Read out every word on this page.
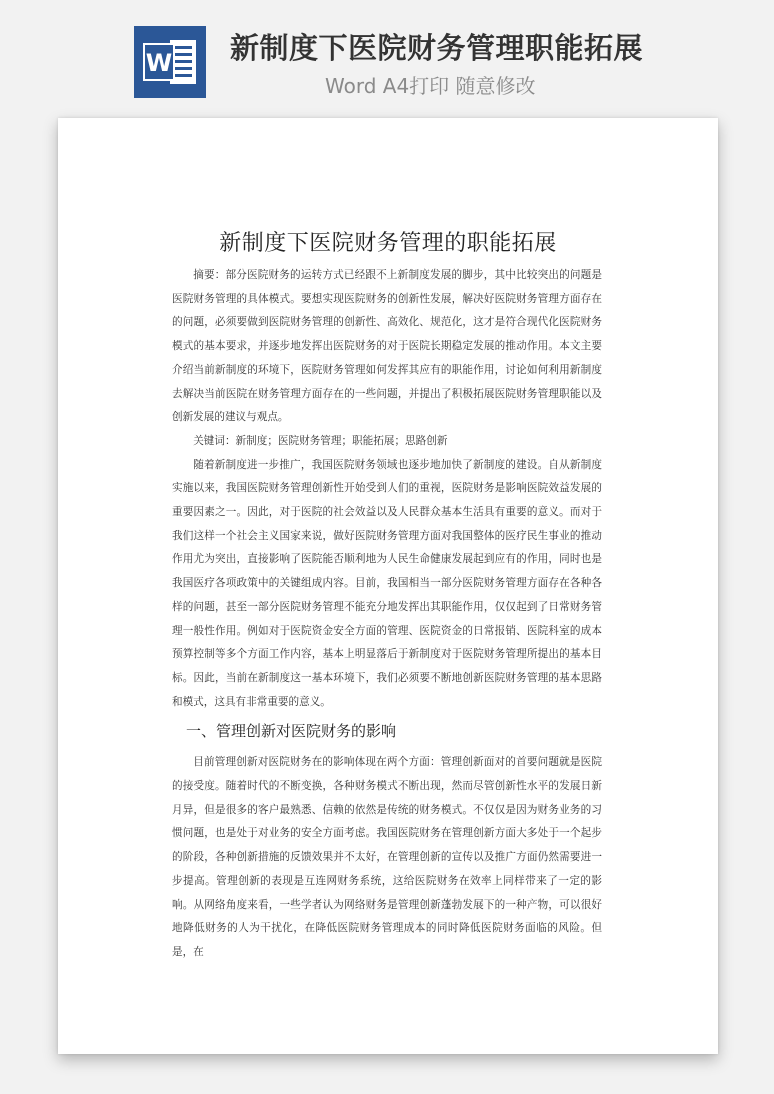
W 新制度下医院财务管理职能拓展
Word A4打印 随意修改
新制度下医院财务管理的职能拓展

摘要：部分医院财务的运转方式已经跟不上新制度发展的脚步，其中比较突出的问题是医院财务管理的具体模式。要想实现医院财务的创新性发展，解决好医院财务管理方面存在的问题，必须要做到医院财务管理的创新性、高效化、规范化，这才是符合现代化医院财务模式的基本要求，并逐步地发挥出医院财务的对于医院长期稳定发展的推动作用。本文主要介绍当前新制度的环境下，医院财务管理如何发挥其应有的职能作用，讨论如何利用新制度去解决当前医院在财务管理方面存在的一些问题，并提出了积极拓展医院财务管理职能以及创新发展的建议与观点。

关键词：新制度；医院财务管理；职能拓展；思路创新

随着新制度进一步推广，我国医院财务领域也逐步地加快了新制度的建设。自从新制度实施以来，我国医院财务管理创新性开始受到人们的重视，医院财务是影响医院效益发展的重要因素之一。因此，对于医院的社会效益以及人民群众基本生活具有重要的意义。而对于我们这样一个社会主义国家来说，做好医院财务管理方面对我国整体的医疗民生事业的推动作用尤为突出，直接影响了医院能否顺利地为人民生命健康发展起到应有的作用，同时也是我国医疗各项政策中的关键组成内容。目前，我国相当一部分医院财务管理方面存在各种各样的问题，甚至一部分医院财务管理不能充分地发挥出其职能作用，仅仅起到了日常财务管理一般性作用。例如对于医院资金安全方面的管理、医院资金的日常报销、医院科室的成本预算控制等多个方面工作内容，基本上明显落后于新制度对于医院财务管理所提出的基本目标。因此，当前在新制度这一基本环境下，我们必须要不断地创新医院财务管理的基本思路和模式，这具有非常重要的意义。

一、管理创新对医院财务的影响

目前管理创新对医院财务在的影响体现在两个方面：管理创新面对的首要问题就是医院的接受度。随着时代的不断变换，各种财务模式不断出现，然而尽管创新性水平的发展日新月异，但是很多的客户最熟悉、信赖的依然是传统的财务模式。不仅仅是因为财务业务的习惯问题，也是处于对业务的安全方面考虑。我国医院财务在管理创新方面大多处于一个起步的阶段，各种创新措施的反馈效果并不太好，在管理创新的宣传以及推广方面仍然需要进一步提高。管理创新的表现是互连网财务系统，这给医院财务在效率上同样带来了一定的影响。从网络角度来看，一些学者认为网络财务是管理创新蓬勃发展下的一种产物，可以很好地降低财务的人为干扰化，在降低医院财务管理成本的同时降低医院财务面临的风险。但是，在
